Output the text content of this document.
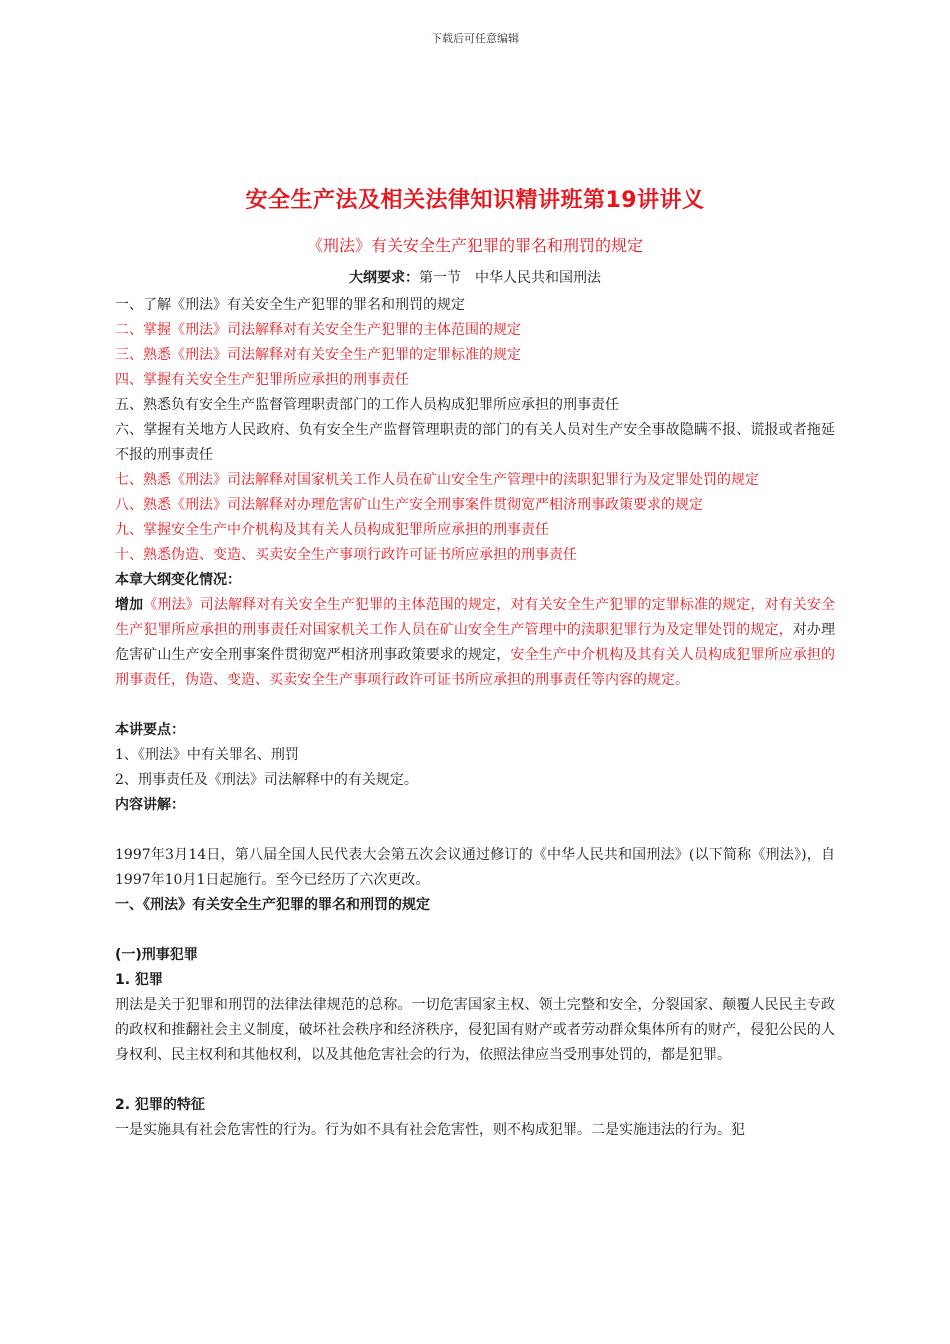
下载后可任意编辑
安全生产法及相关法律知识精讲班第19讲讲义
《刑法》有关安全生产犯罪的罪名和刑罚的规定
大纲要求：第一节　中华人民共和国刑法

一、了解《刑法》有关安全生产犯罪的罪名和刑罚的规定

二、掌握《刑法》司法解释对有关安全生产犯罪的主体范围的规定

三、熟悉《刑法》司法解释对有关安全生产犯罪的定罪标准的规定

四、掌握有关安全生产犯罪所应承担的刑事责任

五、熟悉负有安全生产监督管理职责部门的工作人员构成犯罪所应承担的刑事责任

六、掌握有关地方人民政府、负有安全生产监督管理职责的部门的有关人员对生产安全事故隐瞒不报、谎报或者拖延不报的刑事责任

七、熟悉《刑法》司法解释对国家机关工作人员在矿山安全生产管理中的渎职犯罪行为及定罪处罚的规定

八、熟悉《刑法》司法解释对办理危害矿山生产安全刑事案件贯彻宽严相济刑事政策要求的规定

九、掌握安全生产中介机构及其有关人员构成犯罪所应承担的刑事责任

十、熟悉伪造、变造、买卖安全生产事项行政许可证书所应承担的刑事责任

本章大纲变化情况：

增加《刑法》司法解释对有关安全生产犯罪的主体范围的规定，对有关安全生产犯罪的定罪标准的规定，对有关安全生产犯罪所应承担的刑事责任对国家机关工作人员在矿山安全生产管理中的渎职犯罪行为及定罪处罚的规定，对办理危害矿山生产安全刑事案件贯彻宽严相济刑事政策要求的规定，安全生产中介机构及其有关人员构成犯罪所应承担的刑事责任，伪造、变造、买卖安全生产事项行政许可证书所应承担的刑事责任等内容的规定。

本讲要点：

1、《刑法》中有关罪名、刑罚

2、刑事责任及《刑法》司法解释中的有关规定。

内容讲解：

1997年3月14日，第八届全国人民代表大会第五次会议通过修订的《中华人民共和国刑法》(以下简称《刑法》)，自1997年10月1日起施行。至今已经历了六次更改。

一、《刑法》有关安全生产犯罪的罪名和刑罚的规定

(一)刑事犯罪

1. 犯罪

刑法是关于犯罪和刑罚的法律法律规范的总称。一切危害国家主权、领土完整和安全，分裂国家、颠覆人民民主专政的政权和推翻社会主义制度，破坏社会秩序和经济秩序，侵犯国有财产或者劳动群众集体所有的财产，侵犯公民的人身权利、民主权利和其他权利，以及其他危害社会的行为，依照法律应当受刑事处罚的，都是犯罪。

2. 犯罪的特征

一是实施具有社会危害性的行为。行为如不具有社会危害性，则不构成犯罪。二是实施违法的行为。犯
